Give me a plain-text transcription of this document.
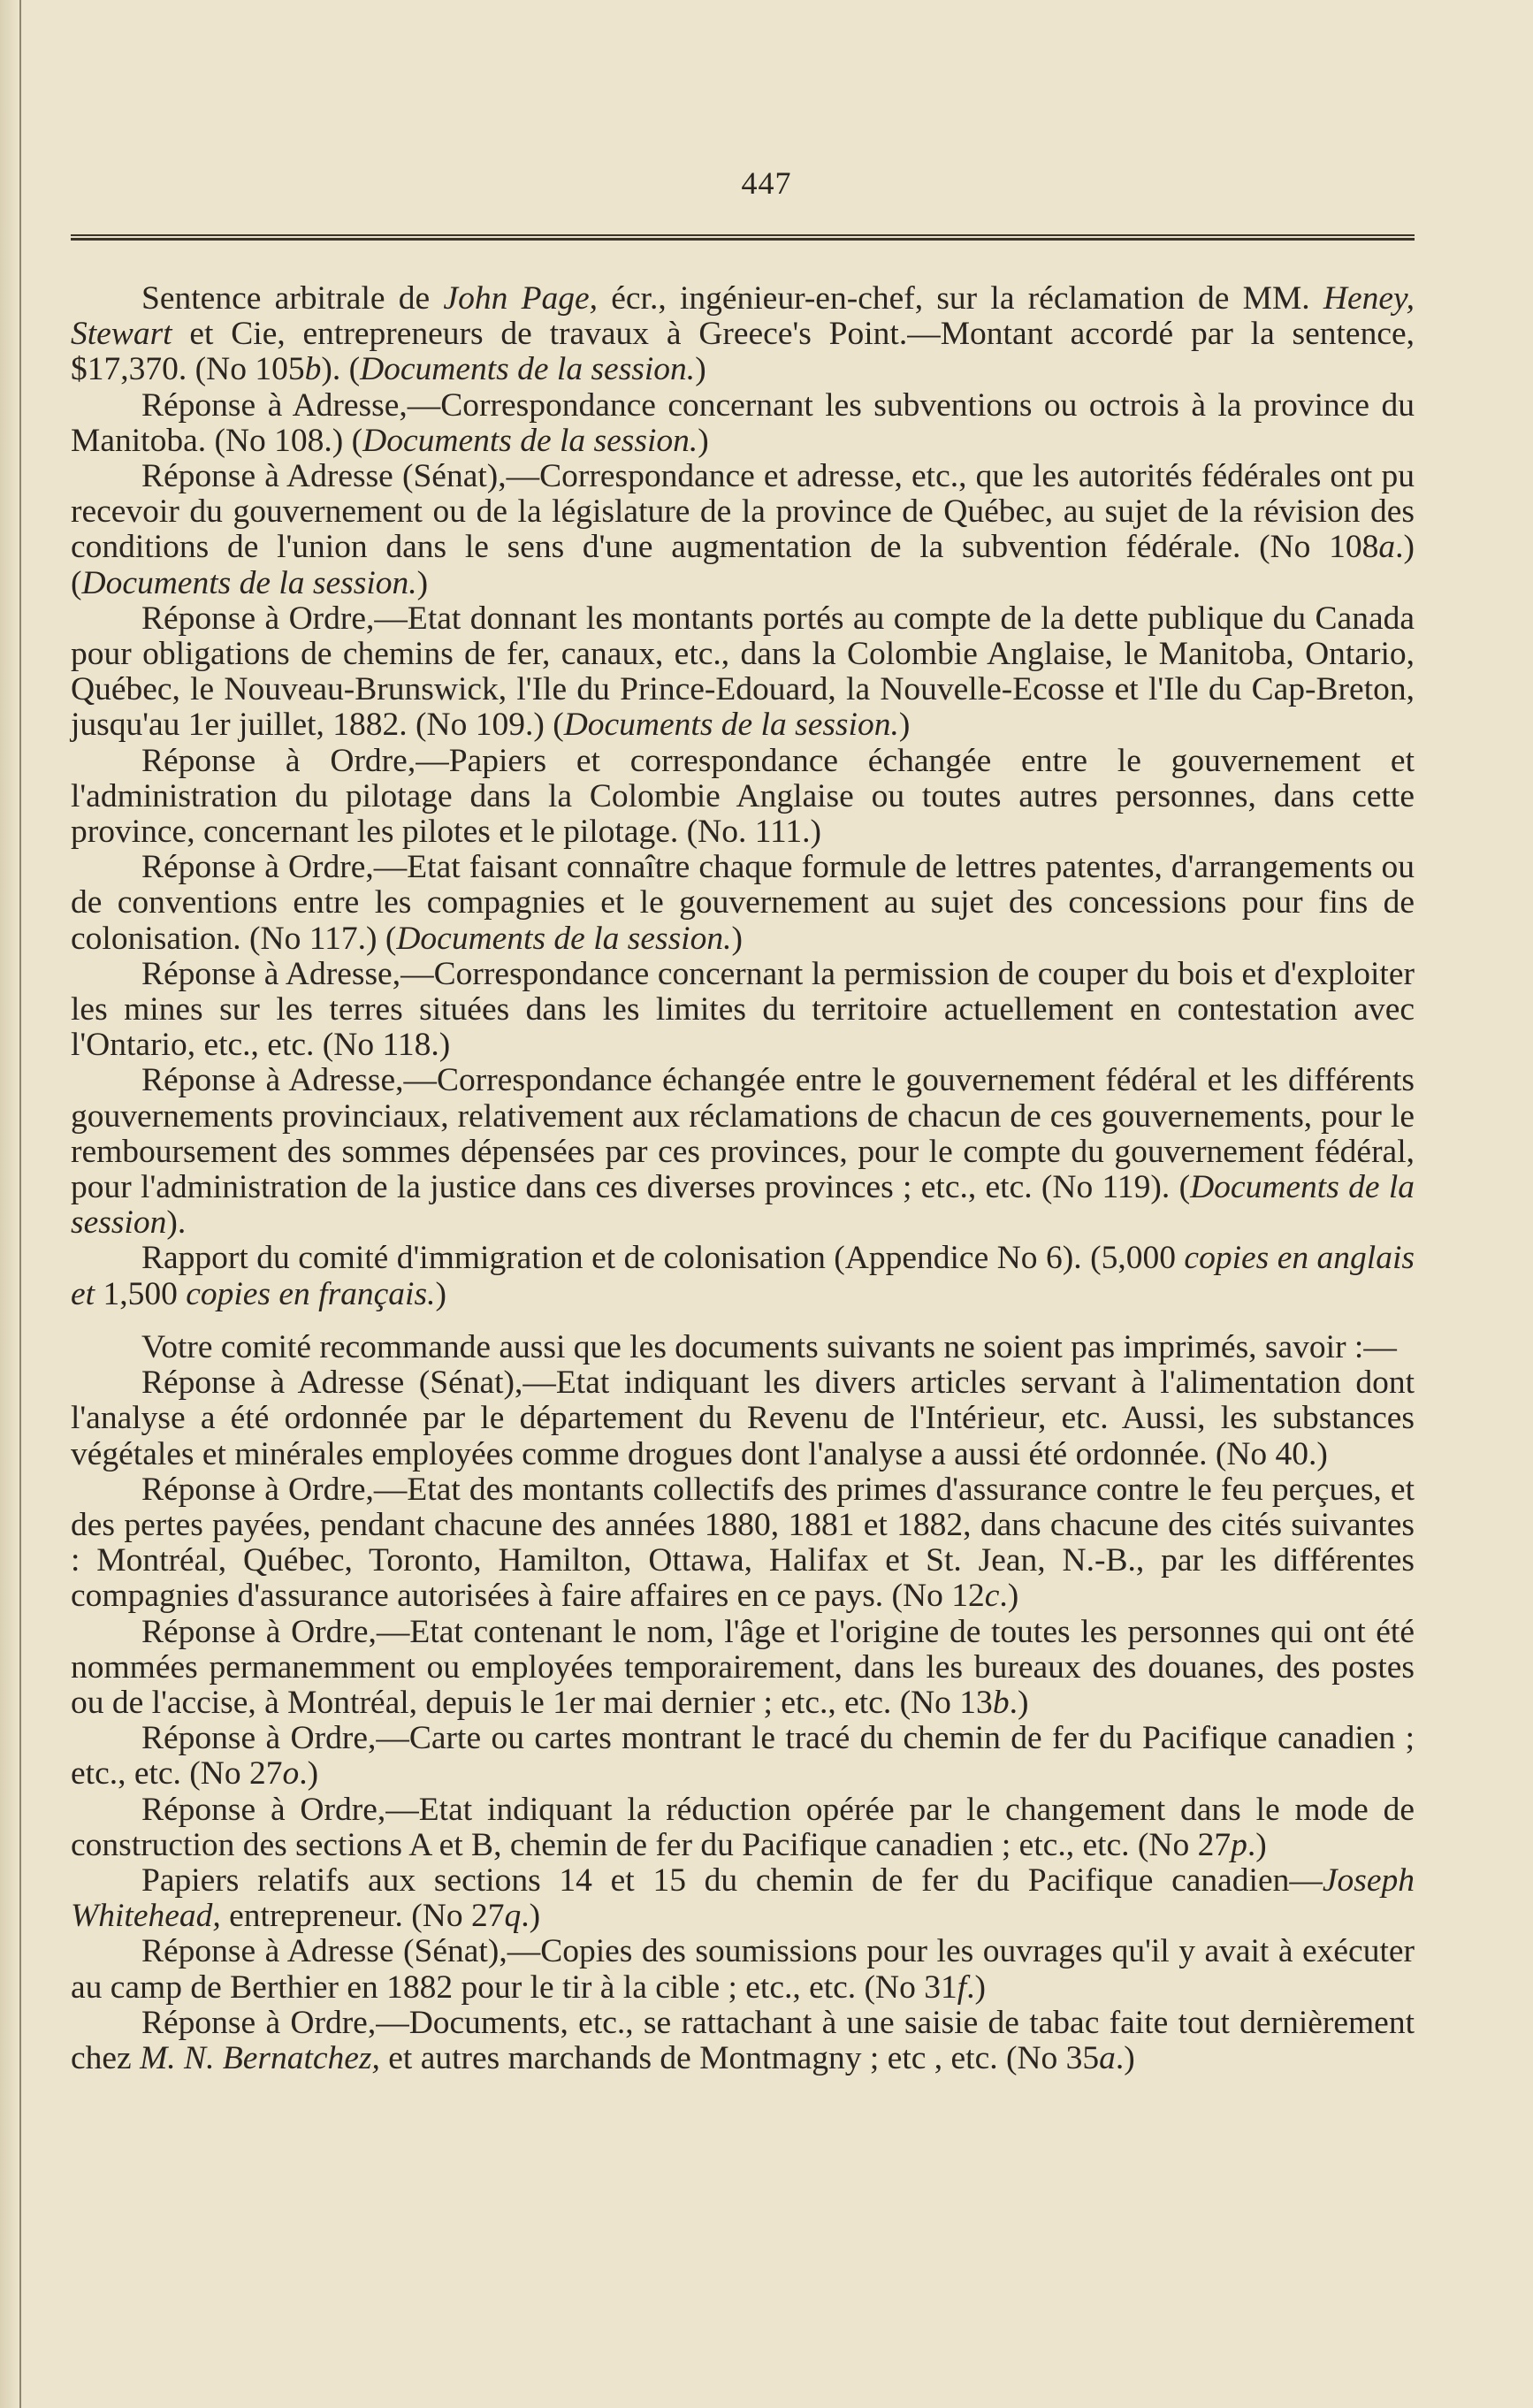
447

Sentence arbitrale de John Page, écr., ingénieur-en-chef, sur la réclamation de MM. Heney, Stewart et Cie, entrepreneurs de travaux à Greece's Point.—Montant accordé par la sentence, $17,370. (No 105b). (Documents de la session.)

Réponse à Adresse,—Correspondance concernant les subventions ou octrois à la province du Manitoba. (No 108.) (Documents de la session.)

Réponse à Adresse (Sénat),—Correspondance et adresse, etc., que les autorités fédérales ont pu recevoir du gouvernement ou de la législature de la province de Québec, au sujet de la révision des conditions de l'union dans le sens d'une augmentation de la subvention fédérale. (No 108a.) (Documents de la session.)

Réponse à Ordre,—Etat donnant les montants portés au compte de la dette publique du Canada pour obligations de chemins de fer, canaux, etc., dans la Colombie Anglaise, le Manitoba, Ontario, Québec, le Nouveau-Brunswick, l'Ile du Prince-Edouard, la Nouvelle-Ecosse et l'Ile du Cap-Breton, jusqu'au 1er juillet, 1882. (No 109.) (Documents de la session.)

Réponse à Ordre,—Papiers et correspondance échangée entre le gouvernement et l'administration du pilotage dans la Colombie Anglaise ou toutes autres personnes, dans cette province, concernant les pilotes et le pilotage. (No. 111.)

Réponse à Ordre,—Etat faisant connaître chaque formule de lettres patentes, d'arrangements ou de conventions entre les compagnies et le gouvernement au sujet des concessions pour fins de colonisation. (No 117.) (Documents de la session.)

Réponse à Adresse,—Correspondance concernant la permission de couper du bois et d'exploiter les mines sur les terres situées dans les limites du territoire actuellement en contestation avec l'Ontario, etc., etc. (No 118.)

Réponse à Adresse,—Correspondance échangée entre le gouvernement fédéral et les différents gouvernements provinciaux, relativement aux réclamations de chacun de ces gouvernements, pour le remboursement des sommes dépensées par ces provinces, pour le compte du gouvernement fédéral, pour l'administration de la justice dans ces diverses provinces ; etc., etc. (No 119). (Documents de la session).

Rapport du comité d'immigration et de colonisation (Appendice No 6). (5,000 copies en anglais et 1,500 copies en français.)

Votre comité recommande aussi que les documents suivants ne soient pas imprimés, savoir :—

Réponse à Adresse (Sénat),—Etat indiquant les divers articles servant à l'alimentation dont l'analyse a été ordonnée par le département du Revenu de l'Intérieur, etc. Aussi, les substances végétales et minérales employées comme drogues dont l'analyse a aussi été ordonnée. (No 40.)

Réponse à Ordre,—Etat des montants collectifs des primes d'assurance contre le feu perçues, et des pertes payées, pendant chacune des années 1880, 1881 et 1882, dans chacune des cités suivantes : Montréal, Québec, Toronto, Hamilton, Ottawa, Halifax et St. Jean, N.-B., par les différentes compagnies d'assurance autorisées à faire affaires en ce pays. (No 12c.)

Réponse à Ordre,—Etat contenant le nom, l'âge et l'origine de toutes les personnes qui ont été nommées permanemment ou employées temporairement, dans les bureaux des douanes, des postes ou de l'accise, à Montréal, depuis le 1er mai dernier ; etc., etc. (No 13b.)

Réponse à Ordre,—Carte ou cartes montrant le tracé du chemin de fer du Pacifique canadien ; etc., etc. (No 27o.)

Réponse à Ordre,—Etat indiquant la réduction opérée par le changement dans le mode de construction des sections A et B, chemin de fer du Pacifique canadien ; etc., etc. (No 27p.)

Papiers relatifs aux sections 14 et 15 du chemin de fer du Pacifique canadien—Joseph Whitehead, entrepreneur. (No 27q.)

Réponse à Adresse (Sénat),—Copies des soumissions pour les ouvrages qu'il y avait à exécuter au camp de Berthier en 1882 pour le tir à la cible ; etc., etc. (No 31f.)

Réponse à Ordre,—Documents, etc., se rattachant à une saisie de tabac faite tout dernièrement chez M. N. Bernatchez, et autres marchands de Montmagny ; etc , etc. (No 35a.)
